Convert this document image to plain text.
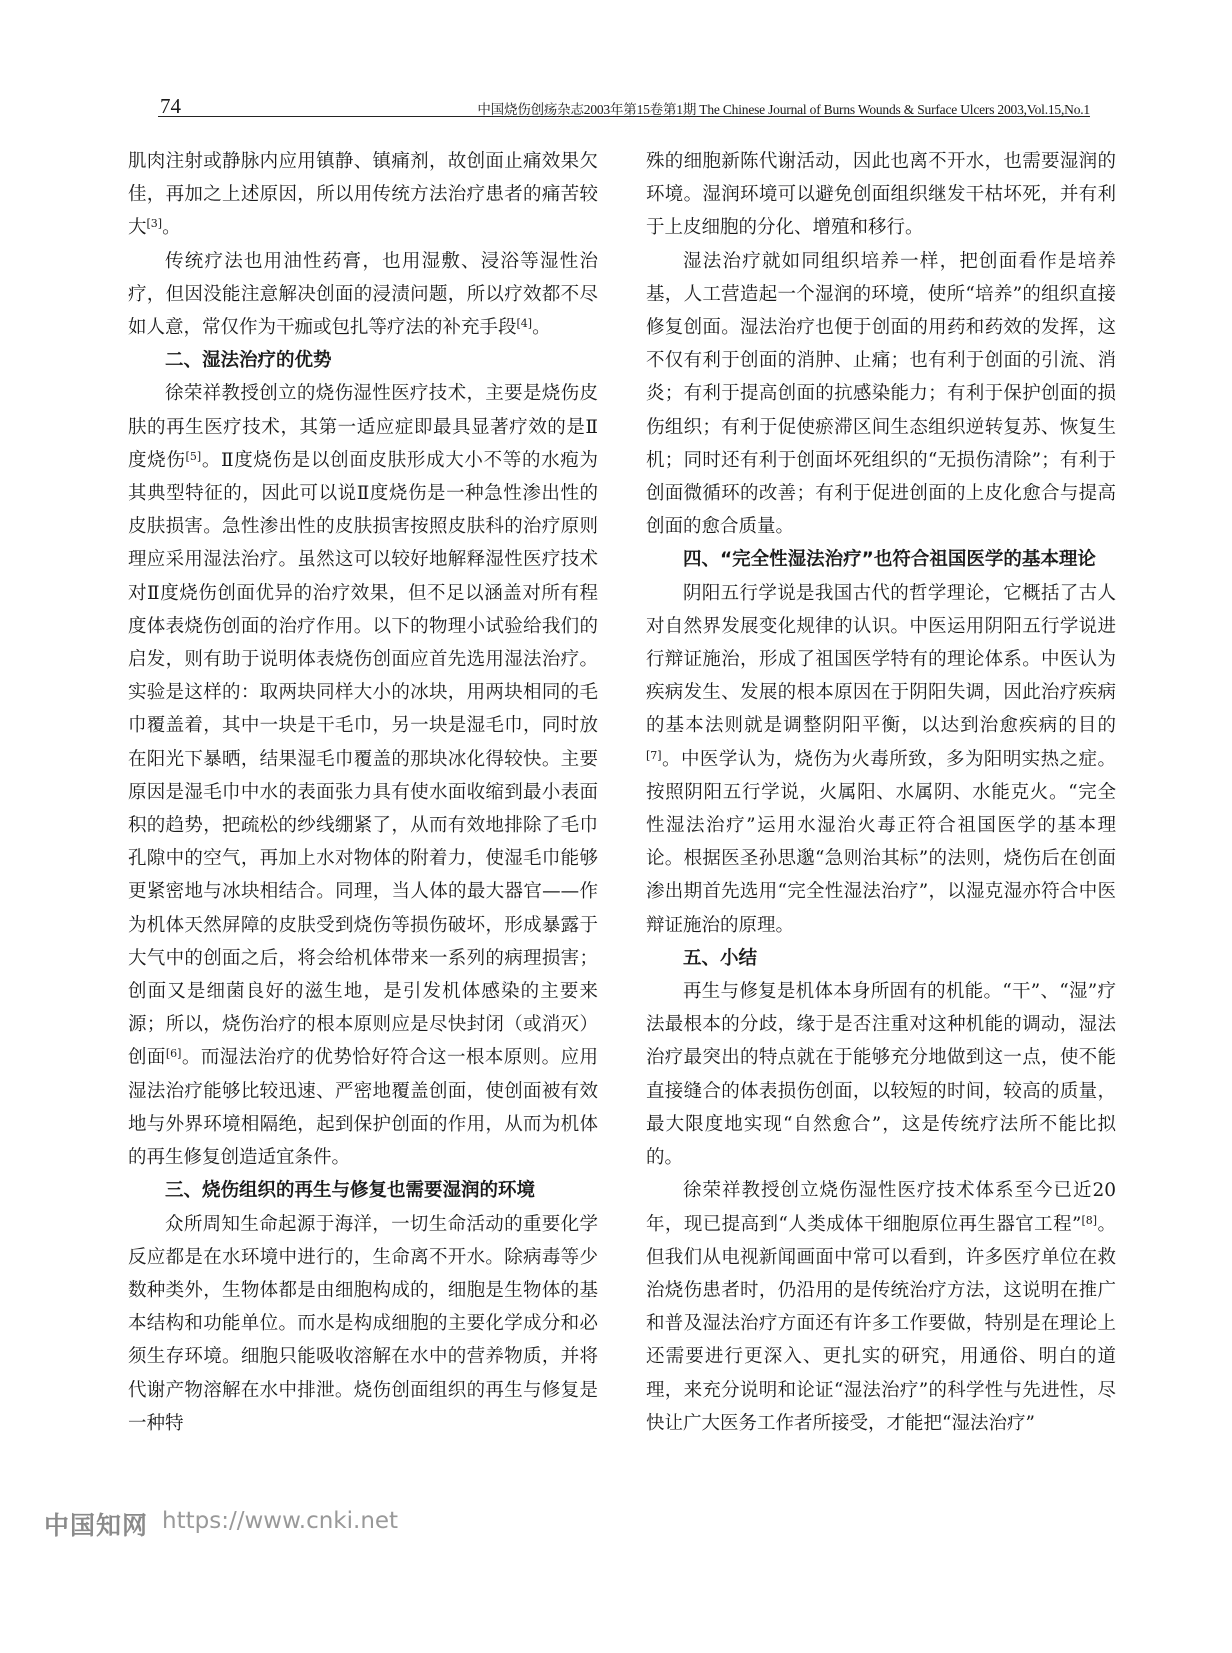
74	中国烧伤创疡杂志2003年第15卷第1期 The Chinese Journal of Burns Wounds & Surface Ulcers 2003,Vol.15,No.1

肌肉注射或静脉内应用镇静、镇痛剂，故创面止痛效果欠佳，再加之上述原因，所以用传统方法治疗患者的痛苦较大[3]。

传统疗法也用油性药膏，也用湿敷、浸浴等湿性治疗，但因没能注意解决创面的浸渍问题，所以疗效都不尽如人意，常仅作为干痂或包扎等疗法的补充手段[4]。

二、湿法治疗的优势

徐荣祥教授创立的烧伤湿性医疗技术，主要是烧伤皮肤的再生医疗技术，其第一适应症即最具显著疗效的是Ⅱ度烧伤[5]。Ⅱ度烧伤是以创面皮肤形成大小不等的水疱为其典型特征的，因此可以说Ⅱ度烧伤是一种急性渗出性的皮肤损害。急性渗出性的皮肤损害按照皮肤科的治疗原则理应采用湿法治疗。虽然这可以较好地解释湿性医疗技术对Ⅱ度烧伤创面优异的治疗效果，但不足以涵盖对所有程度体表烧伤创面的治疗作用。以下的物理小试验给我们的启发，则有助于说明体表烧伤创面应首先选用湿法治疗。实验是这样的：取两块同样大小的冰块，用两块相同的毛巾覆盖着，其中一块是干毛巾，另一块是湿毛巾，同时放在阳光下暴晒，结果湿毛巾覆盖的那块冰化得较快。主要原因是湿毛巾中水的表面张力具有使水面收缩到最小表面积的趋势，把疏松的纱线绷紧了，从而有效地排除了毛巾孔隙中的空气，再加上水对物体的附着力，使湿毛巾能够更紧密地与冰块相结合。同理，当人体的最大器官——作为机体天然屏障的皮肤受到烧伤等损伤破坏，形成暴露于大气中的创面之后，将会给机体带来一系列的病理损害；创面又是细菌良好的滋生地，是引发机体感染的主要来源；所以，烧伤治疗的根本原则应是尽快封闭（或消灭）创面[6]。而湿法治疗的优势恰好符合这一根本原则。应用湿法治疗能够比较迅速、严密地覆盖创面，使创面被有效地与外界环境相隔绝，起到保护创面的作用，从而为机体的再生修复创造适宜条件。

三、烧伤组织的再生与修复也需要湿润的环境

众所周知生命起源于海洋，一切生命活动的重要化学反应都是在水环境中进行的，生命离不开水。除病毒等少数种类外，生物体都是由细胞构成的，细胞是生物体的基本结构和功能单位。而水是构成细胞的主要化学成分和必须生存环境。细胞只能吸收溶解在水中的营养物质，并将代谢产物溶解在水中排泄。烧伤创面组织的再生与修复是一种特

殊的细胞新陈代谢活动，因此也离不开水，也需要湿润的环境。湿润环境可以避免创面组织继发干枯坏死，并有利于上皮细胞的分化、增殖和移行。

湿法治疗就如同组织培养一样，把创面看作是培养基，人工营造起一个湿润的环境，使所“培养”的组织直接修复创面。湿法治疗也便于创面的用药和药效的发挥，这不仅有利于创面的消肿、止痛；也有利于创面的引流、消炎；有利于提高创面的抗感染能力；有利于保护创面的损伤组织；有利于促使瘀滞区间生态组织逆转复苏、恢复生机；同时还有利于创面坏死组织的“无损伤清除”；有利于创面微循环的改善；有利于促进创面的上皮化愈合与提高创面的愈合质量。

四、“完全性湿法治疗”也符合祖国医学的基本理论

阴阳五行学说是我国古代的哲学理论，它概括了古人对自然界发展变化规律的认识。中医运用阴阳五行学说进行辩证施治，形成了祖国医学特有的理论体系。中医认为疾病发生、发展的根本原因在于阴阳失调，因此治疗疾病的基本法则就是调整阴阳平衡，以达到治愈疾病的目的[7]。中医学认为，烧伤为火毒所致，多为阳明实热之症。按照阴阳五行学说，火属阳、水属阴、水能克火。“完全性湿法治疗”运用水湿治火毒正符合祖国医学的基本理论。根据医圣孙思邈“急则治其标”的法则，烧伤后在创面渗出期首先选用“完全性湿法治疗”，以湿克湿亦符合中医辩证施治的原理。

五、小结

再生与修复是机体本身所固有的机能。“干”、“湿”疗法最根本的分歧，缘于是否注重对这种机能的调动，湿法治疗最突出的特点就在于能够充分地做到这一点，使不能直接缝合的体表损伤创面，以较短的时间，较高的质量，最大限度地实现“自然愈合”，这是传统疗法所不能比拟的。

徐荣祥教授创立烧伤湿性医疗技术体系至今已近20年，现已提高到“人类成体干细胞原位再生器官工程”[8]。但我们从电视新闻画面中常可以看到，许多医疗单位在救治烧伤患者时，仍沿用的是传统治疗方法，这说明在推广和普及湿法治疗方面还有许多工作要做，特别是在理论上还需要进行更深入、更扎实的研究，用通俗、明白的道理，来充分说明和论证“湿法治疗”的科学性与先进性，尽快让广大医务工作者所接受，才能把“湿法治疗”

中国知网 https://www.cnki.net
